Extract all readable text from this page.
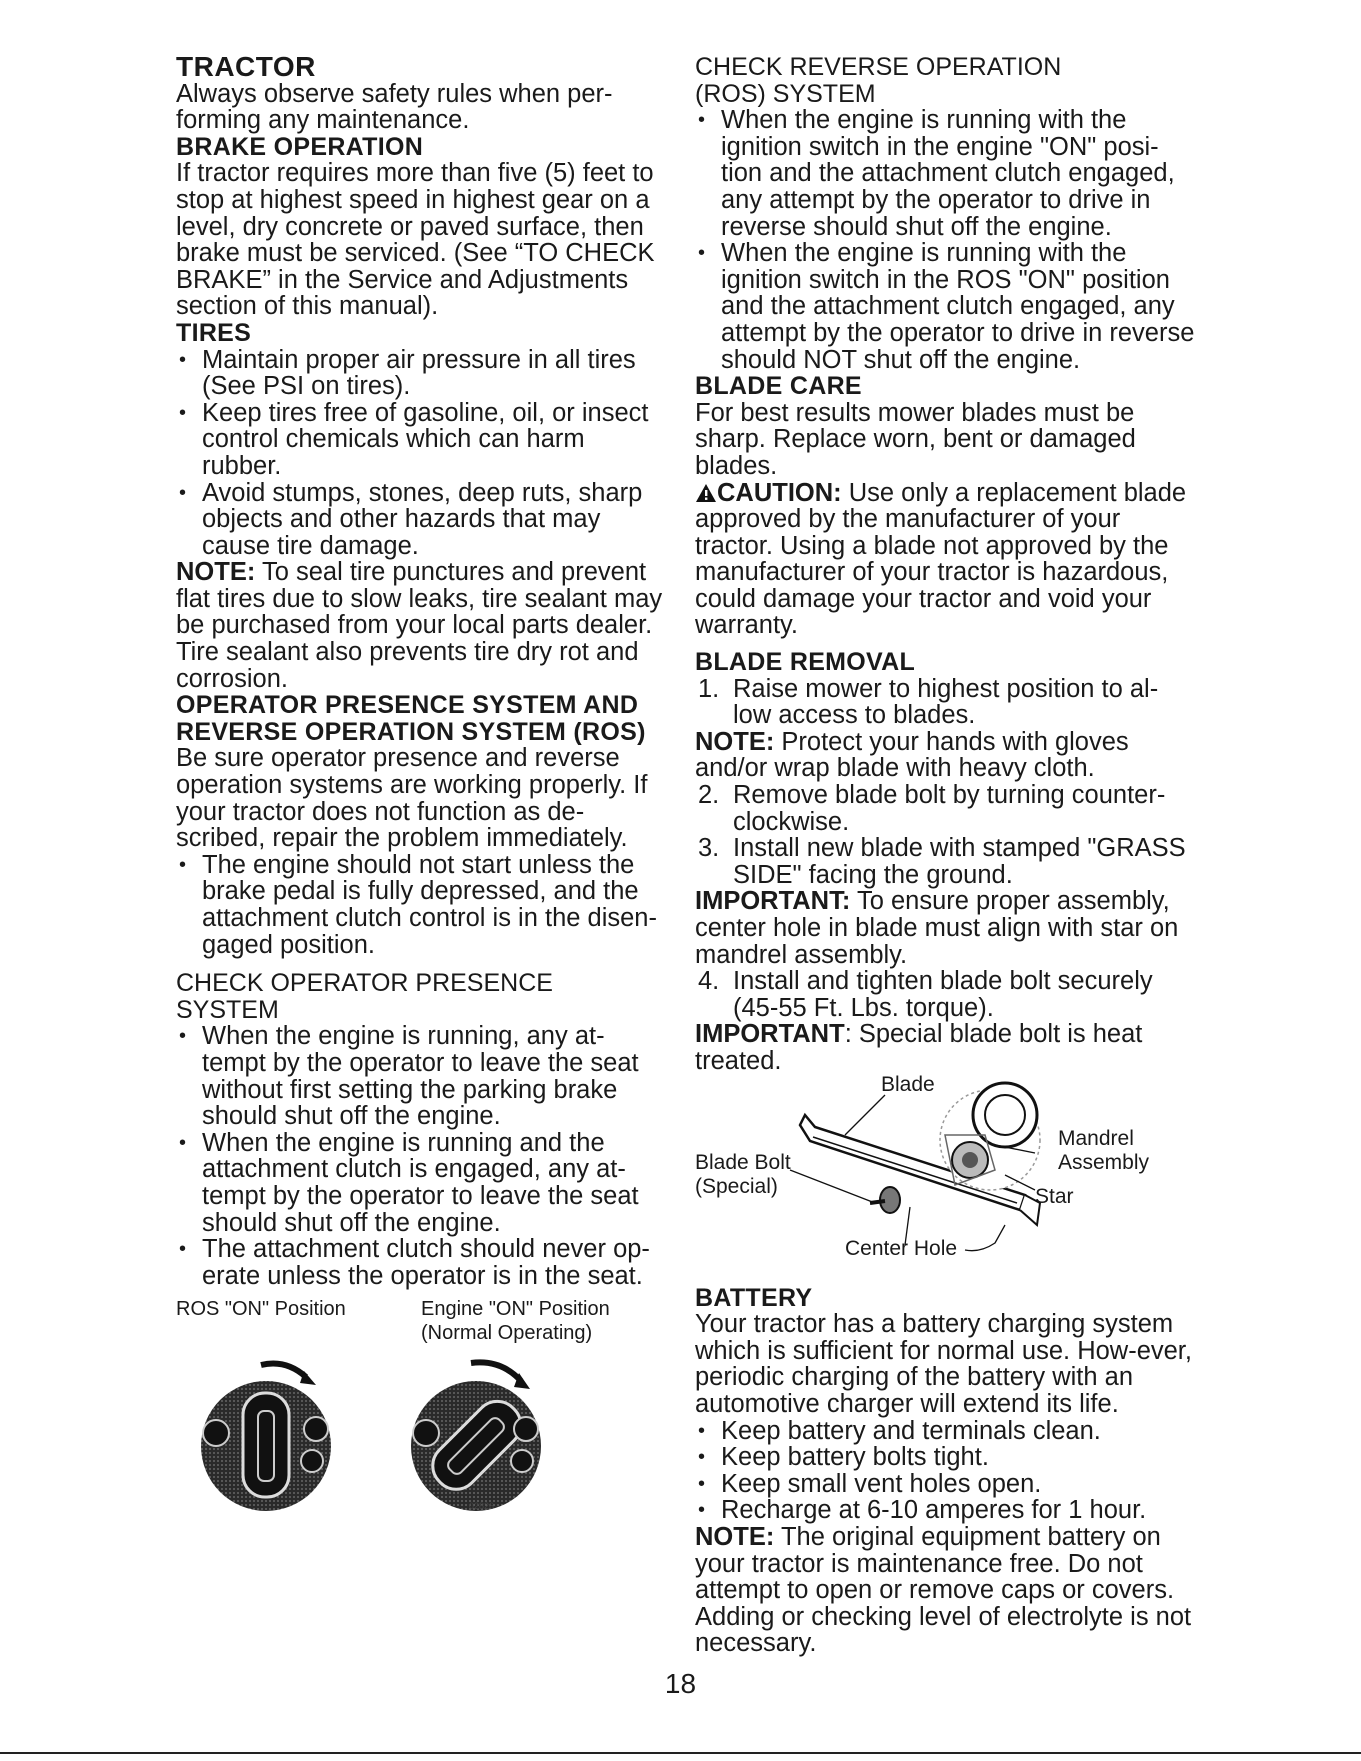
TRACTOR

Always observe safety rules when per-forming any maintenance.

BRAKE OPERATION

If tractor requires more than five (5) feet to stop at highest speed in highest gear on a level, dry concrete or paved surface, then brake must be serviced. (See “TO CHECK BRAKE” in the Service and Adjustments section of this manual).

TIRES
• Maintain proper air pressure in all tires (See PSI on tires).
• Keep tires free of gasoline, oil, or insect control chemicals which can harm rubber.
• Avoid stumps, stones, deep ruts, sharp objects and other hazards that may cause tire damage.

NOTE: To seal tire punctures and prevent flat tires due to slow leaks, tire sealant may be purchased from your local parts dealer. Tire sealant also prevents tire dry rot and corrosion.

OPERATOR PRESENCE SYSTEM AND
REVERSE OPERATION SYSTEM (ROS)

Be sure operator presence and reverse operation systems are working properly. If your tractor does not function as de-scribed, repair the problem immediately.

• The engine should not start unless the brake pedal is fully depressed, and the attachment clutch control is in the disen-gaged position.
CHECK OPERATOR PRESENCE SYSTEM
• When the engine is running, any at-tempt by the operator to leave the seat without first setting the parking brake should shut off the engine.
• When the engine is running and the attachment clutch is engaged, any at-tempt by the operator to leave the seat should shut off the engine.
• The attachment clutch should never op-erate unless the operator is in the seat.
ROS "ON" Position	Engine "ON" Position
(Normal Operating)
02826
CHECK REVERSE OPERATION (ROS) SYSTEM
• When the engine is running with the ignition switch in the engine "ON" posi-tion and the attachment clutch engaged, any attempt by the operator to drive in reverse should shut off the engine.
• When the engine is running with the ignition switch in the ROS "ON" position and the attachment clutch engaged, any attempt by the operator to drive in reverse should NOT shut off the engine.
BLADE CARE

For best results mower blades must be sharp. Replace worn, bent or damaged blades.

CAUTION: Use only a replacement blade approved by the manufacturer of your tractor. Using a blade not approved by the manufacturer of your tractor is hazardous, could damage your tractor and void your warranty.

BLADE REMOVAL
1. Raise mower to highest position to al-low access to blades.

NOTE: Protect your hands with gloves and/or wrap blade with heavy cloth.

2. Remove blade bolt by turning counter-clockwise.
3. Install new blade with stamped "GRASS SIDE" facing the ground.

IMPORTANT: To ensure proper assembly, center hole in blade must align with star on mandrel assembly.

4. Install and tighten blade bolt securely (45-55 Ft. Lbs. torque).

IMPORTANT: Special blade bolt is heat treated.

Blade
Mandrel
Assembly
Blade Bolt
(Special)	Star
Center Hole
BATTERY

Your tractor has a battery charging system which is sufficient for normal use. How-ever, periodic charging of the battery with an automotive charger will extend its life.

• Keep battery and terminals clean.
• Keep battery bolts tight.
• Keep small vent holes open.
• Recharge at 6-10 amperes for 1 hour.

NOTE: The original equipment battery on your tractor is maintenance free. Do not attempt to open or remove caps or covers. Adding or checking level of electrolyte is not necessary.

18
